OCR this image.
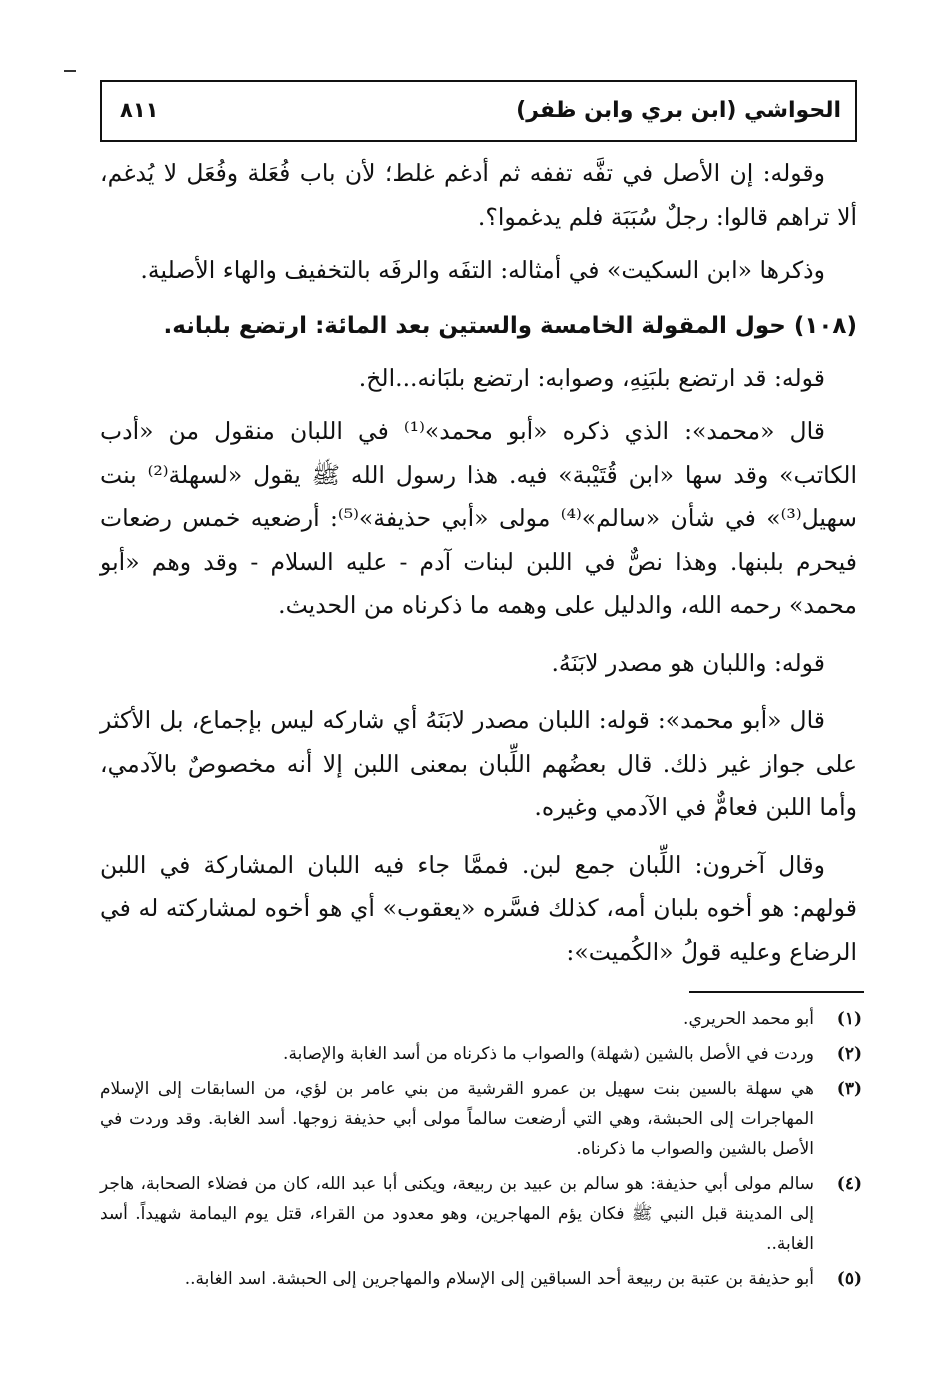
الحواشي (ابن بري وابن ظفر)
٨١١

وقوله: إن الأصل في تفَّه تففه ثم أدغم غلط؛ لأن باب فُعَلة وفُعَل لا يُدغم، ألا تراهم قالوا: رجلٌ سُبَبَة فلم يدغموا؟.

وذكرها «ابن السكيت» في أمثاله: التفَه والرفَه بالتخفيف والهاء الأصلية.

(١٠٨) حول المقولة الخامسة والستين بعد المائة: ارتضع بلبانه.

قوله: قد ارتضع بلبَنِهِ، وصوابه: ارتضع بلبَانه...الخ.

قال «محمد»: الذي ذكره «أبو محمد»⁽¹⁾ في اللبان منقول من «أدب الكاتب» وقد سها «ابن قُتَيْبة» فيه. هذا رسول الله ﷺ يقول «لسهلة⁽²⁾ بنت سهيل⁽³⁾» في شأن «سالم»⁽⁴⁾ مولى «أبي حذيفة»⁽⁵⁾: أرضعيه خمس رضعات فيحرم بلبنها. وهذا نصٌّ في اللبن لبنات آدم - عليه السلام - وقد وهم «أبو محمد» رحمه الله، والدليل على وهمه ما ذكرناه من الحديث.

قوله: واللبان هو مصدر لابَنَهُ.

قال «أبو محمد»: قوله: اللبان مصدر لابَنَهُ أي شاركه ليس بإجماع، بل الأكثر على جواز غير ذلك. قال بعضُهم اللِّبان بمعنى اللبن إلا أنه مخصوصٌ بالآدمي، وأما اللبن فعامٌّ في الآدمي وغيره.

وقال آخرون: اللِّبان جمع لبن. فممَّا جاء فيه اللبان المشاركة في اللبن قولهم: هو أخوه بلبان أمه، كذلك فسَّره «يعقوب» أي هو أخوه لمشاركته له في الرضاع وعليه قولُ «الكُميت»:

(١)
أبو محمد الحريري.
(٢)
وردت في الأصل بالشين (شهلة) والصواب ما ذكرناه من أسد الغابة والإصابة.
(٣)
هي سهلة بالسين بنت سهيل بن عمرو القرشية من بني عامر بن لؤي، من السابقات إلى الإسلام المهاجرات إلى الحبشة، وهي التي أرضعت سالماً مولى أبي حذيفة زوجها. أسد الغابة. وقد وردت في الأصل بالشين والصواب ما ذكرناه.
(٤)
سالم مولى أبي حذيفة: هو سالم بن عبيد بن ربيعة، ويكنى أبا عبد الله، كان من فضلاء الصحابة، هاجر إلى المدينة قبل النبي ﷺ فكان يؤم المهاجرين، وهو معدود من القراء، قتل يوم اليمامة شهيداً. أسد الغابة..
(٥)
أبو حذيفة بن عتبة بن ربيعة أحد السباقين إلى الإسلام والمهاجرين إلى الحبشة. اسد الغابة..
